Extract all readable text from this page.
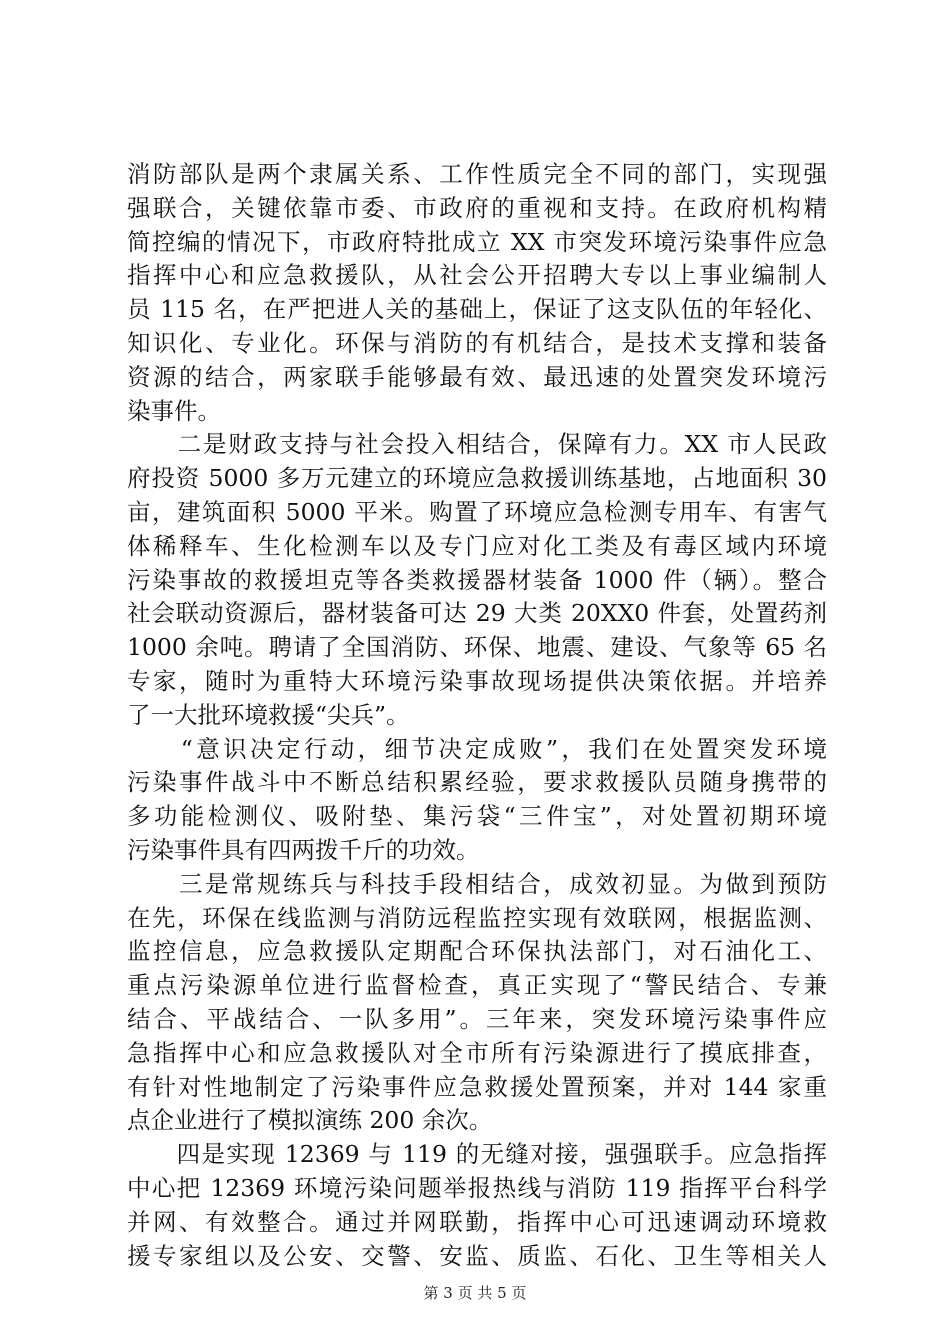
消防部队是两个隶属关系、工作性质完全不同的部门，实现强
强联合，关键依靠市委、市政府的重视和支持。在政府机构精
简控编的情况下，市政府特批成立 XX 市突发环境污染事件应急
指挥中心和应急救援队，从社会公开招聘大专以上事业编制人
员 115 名，在严把进人关的基础上，保证了这支队伍的年轻化、
知识化、专业化。环保与消防的有机结合，是技术支撑和装备
资源的结合，两家联手能够最有效、最迅速的处置突发环境污
染事件。
　　二是财政支持与社会投入相结合，保障有力。XX 市人民政
府投资 5000 多万元建立的环境应急救援训练基地，占地面积 30
亩，建筑面积 5000 平米。购置了环境应急检测专用车、有害气
体稀释车、生化检测车以及专门应对化工类及有毒区域内环境
污染事故的救援坦克等各类救援器材装备 1000 件（辆）。整合
社会联动资源后，器材装备可达 29 大类 20XX0 件套，处置药剂
1000 余吨。聘请了全国消防、环保、地震、建设、气象等 65 名
专家，随时为重特大环境污染事故现场提供决策依据。并培养
了一大批环境救援“尖兵”。
　　“意识决定行动，细节决定成败”，我们在处置突发环境
污染事件战斗中不断总结积累经验，要求救援队员随身携带的
多功能检测仪、吸附垫、集污袋“三件宝”，对处置初期环境
污染事件具有四两拨千斤的功效。
　　三是常规练兵与科技手段相结合，成效初显。为做到预防
在先，环保在线监测与消防远程监控实现有效联网，根据监测、
监控信息，应急救援队定期配合环保执法部门，对石油化工、
重点污染源单位进行监督检查，真正实现了“警民结合、专兼
结合、平战结合、一队多用”。三年来，突发环境污染事件应
急指挥中心和应急救援队对全市所有污染源进行了摸底排查，
有针对性地制定了污染事件应急救援处置预案，并对 144 家重
点企业进行了模拟演练 200 余次。
　　四是实现 12369 与 119 的无缝对接，强强联手。应急指挥
中心把 12369 环境污染问题举报热线与消防 119 指挥平台科学
并网、有效整合。通过并网联勤，指挥中心可迅速调动环境救
援专家组以及公安、交警、安监、质监、石化、卫生等相关人
第 3 页 共 5 页
